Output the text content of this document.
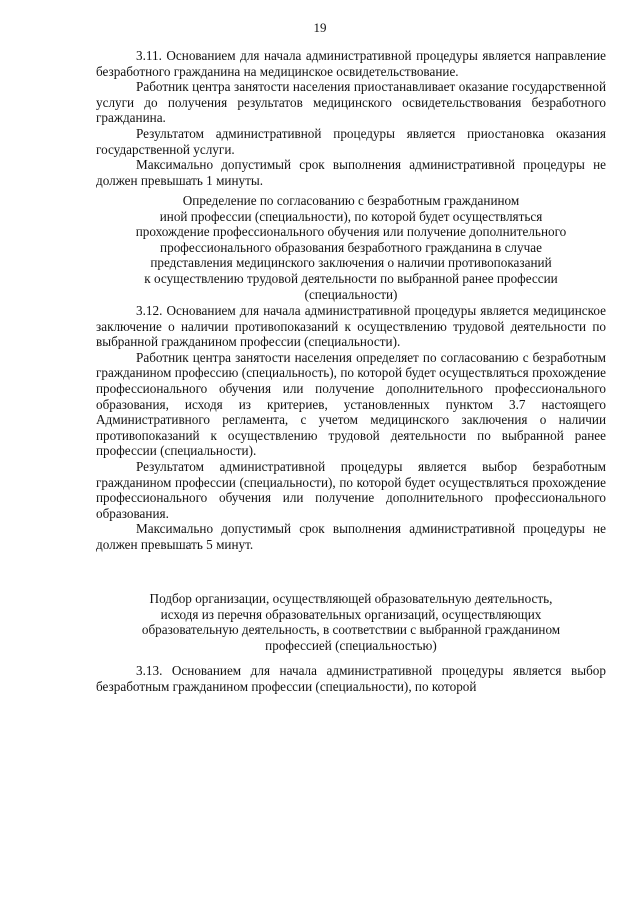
19

3.11. Основанием для начала административной процедуры является направление безработного гражданина на медицинское освидетельствование.

Работник центра занятости населения приостанавливает оказание государственной услуги до получения результатов медицинского освидетельствования безработного гражданина.

Результатом административной процедуры является приостановка оказания государственной услуги.

Максимально допустимый срок выполнения административной процедуры не должен превышать 1 минуты.

Определение по согласованию с безработным гражданином
иной профессии (специальности), по которой будет осуществляться
прохождение профессионального обучения или получение дополнительного
профессионального образования безработного гражданина в случае
представления медицинского заключения о наличии противопоказаний
к осуществлению трудовой деятельности по выбранной ранее профессии
(специальности)

3.12. Основанием для начала административной процедуры является медицинское заключение о наличии противопоказаний к осуществлению трудовой деятельности по выбранной гражданином профессии (специальности).

Работник центра занятости населения определяет по согласованию с безработным гражданином профессию (специальность), по которой будет осуществляться прохождение профессионального обучения или получение дополнительного профессионального образования, исходя из критериев, установленных пунктом 3.7 настоящего Административного регламента, с учетом медицинского заключения о наличии противопоказаний к осуществлению трудовой деятельности по выбранной ранее профессии (специальности).

Результатом административной процедуры является выбор безработным гражданином профессии (специальности), по которой будет осуществляться прохождение профессионального обучения или получение дополнительного профессионального образования.

Максимально допустимый срок выполнения административной процедуры не должен превышать 5 минут.

Подбор организации, осуществляющей образовательную деятельность,
исходя из перечня образовательных организаций, осуществляющих
образовательную деятельность, в соответствии с выбранной гражданином
профессией (специальностью)

3.13. Основанием для начала административной процедуры является выбор безработным гражданином профессии (специальности), по которой
